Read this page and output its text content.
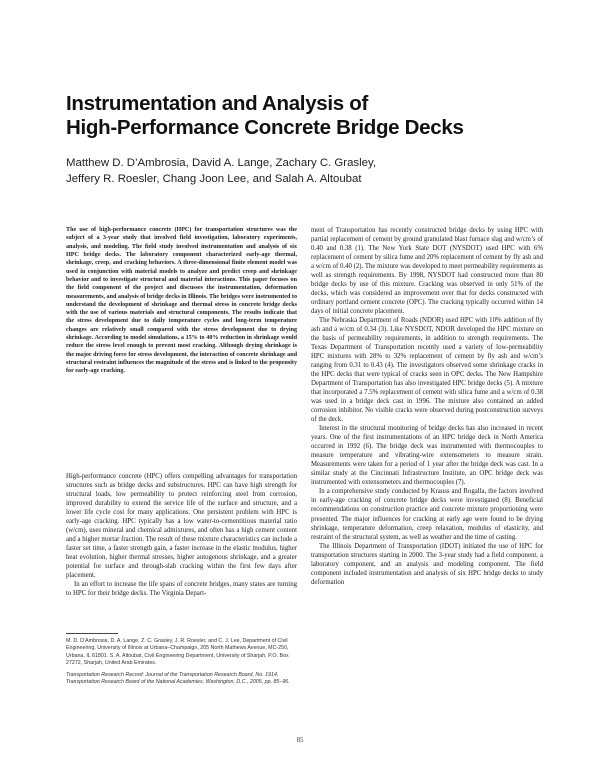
Instrumentation and Analysis of
High-Performance Concrete Bridge Decks
Matthew D. D’Ambrosia, David A. Lange, Zachary C. Grasley,
Jeffery R. Roesler, Chang Joon Lee, and Salah A. Altoubat
The use of high-performance concrete (HPC) for transportation structures was the subject of a 3-year study that involved field investigation, laboratory experiments, analysis, and modeling. The field study involved instrumentation and analysis of six HPC bridge decks. The laboratory component characterized early-age thermal, shrinkage, creep, and cracking behaviors. A three-dimensional finite element model was used in conjunction with material models to analyze and predict creep and shrinkage behavior and to investigate structural and material interactions. This paper focuses on the field component of the project and discusses the instrumentation, deformation measurements, and analysis of bridge decks in Illinois. The bridges were instrumented to understand the development of shrinkage and thermal stress in concrete bridge decks with the use of various materials and structural components. The results indicate that the stress development due to daily temperature cycles and long-term temperature changes are relatively small compared with the stress development due to drying shrinkage. According to model simulations, a 15% to 40% reduction in shrinkage would reduce the stress level enough to prevent most cracking. Although drying shrinkage is the major driving force for stress development, the interaction of concrete shrinkage and structural restraint influences the magnitude of the stress and is linked to the propensity for early-age cracking.

High-performance concrete (HPC) offers compelling advantages for transportation structures such as bridge decks and substructures. HPC can have high strength for structural loads, low permeability to protect reinforcing steel from corrosion, improved durability to extend the service life of the surface and structure, and a lower life cycle cost for many applications. One persistent problem with HPC is early-age cracking. HPC typically has a low water-to-cementitious material ratio (w/cm), uses mineral and chemical admixtures, and often has a high cement content and a higher mortar fraction. The result of these mixture characteristics can include a faster set time, a faster strength gain, a faster increase in the elastic modulus, higher heat evolution, higher thermal stresses, higher autogenous shrinkage, and a greater potential for surface and through-slab cracking within the first few days after placement.

In an effort to increase the life spans of concrete bridges, many states are turning to HPC for their bridge decks. The Virginia Depart-

ment of Transportation has recently constructed bridge decks by using HPC with partial replacement of cement by ground granulated blast furnace slag and w/cm’s of 0.40 and 0.38 (1). The New York State DOT (NYSDOT) used HPC with 6% replacement of cement by silica fume and 20% replacement of cement by fly ash and a w/cm of 0.40 (2). The mixture was developed to meet permeability requirements as well as strength requirements. By 1998, NYSDOT had constructed more than 80 bridge decks by use of this mixture. Cracking was observed in only 51% of the decks, which was considered an improvement over that for decks constructed with ordinary portland cement concrete (OPC). The cracking typically occurred within 14 days of initial concrete placement.

The Nebraska Department of Roads (NDOR) used HPC with 10% addition of fly ash and a w/cm of 0.34 (3). Like NYSDOT, NDOR developed the HPC mixture on the basis of permeability requirements, in addition to strength requirements. The Texas Department of Transportation recently used a variety of low-permeability HPC mixtures with 28% to 32% replacement of cement by fly ash and w/cm’s ranging from 0.31 to 0.43 (4). The investigators observed some shrinkage cracks in the HPC decks that were typical of cracks seen in OPC decks. The New Hampshire Department of Transportation has also investigated HPC bridge decks (5). A mixture that incorporated a 7.5% replacement of cement with silica fume and a w/cm of 0.38 was used in a bridge deck cast in 1996. The mixture also contained an added corrosion inhibitor. No visible cracks were observed during postconstruction surveys of the deck.

Interest in the structural monitoring of bridge decks has also increased in recent years. One of the first instrumentations of an HPC bridge deck in North America occurred in 1992 (6). The bridge deck was instrumented with thermocouples to measure temperature and vibrating-wire extensometers to measure strain. Measurements were taken for a period of 1 year after the bridge deck was cast. In a similar study at the Cincinnati Infrastructure Institute, an OPC bridge deck was instrumented with extensometers and thermocouples (7).

In a comprehensive study conducted by Krauss and Rogalla, the factors involved in early-age cracking of concrete bridge decks were investigated (8). Beneficial recommendations on construction practice and concrete mixture proportioning were presented. The major influences for cracking at early age were found to be drying shrinkage, temperature deformation, creep relaxation, modulus of elasticity, and restraint of the structural system, as well as weather and the time of casting.

The Illinois Department of Transportation (IDOT) initiated the use of HPC for transportation structures starting in 2000. The 3-year study had a field component, a laboratory component, and an analysis and modeling component. The field component included instrumentation and analysis of six HPC bridge decks to study deformation

M. D. D’Ambrosia, D. A. Lange, Z. C. Grasley, J. R. Roesler, and C. J. Lee, Department of Civil Engineering, University of Illinois at Urbana–Champaign, 205 North Mathews Avenue, MC-250, Urbana, IL 61801. S. A. Altoubat, Civil Engineering Department, University of Sharjah, P.O. Box 27272, Sharjah, United Arab Emirates.
Transportation Research Record: Journal of the Transportation Research Board, No. 1914, Transportation Research Board of the National Academies, Washington, D.C., 2005, pp. 85–96.
85
